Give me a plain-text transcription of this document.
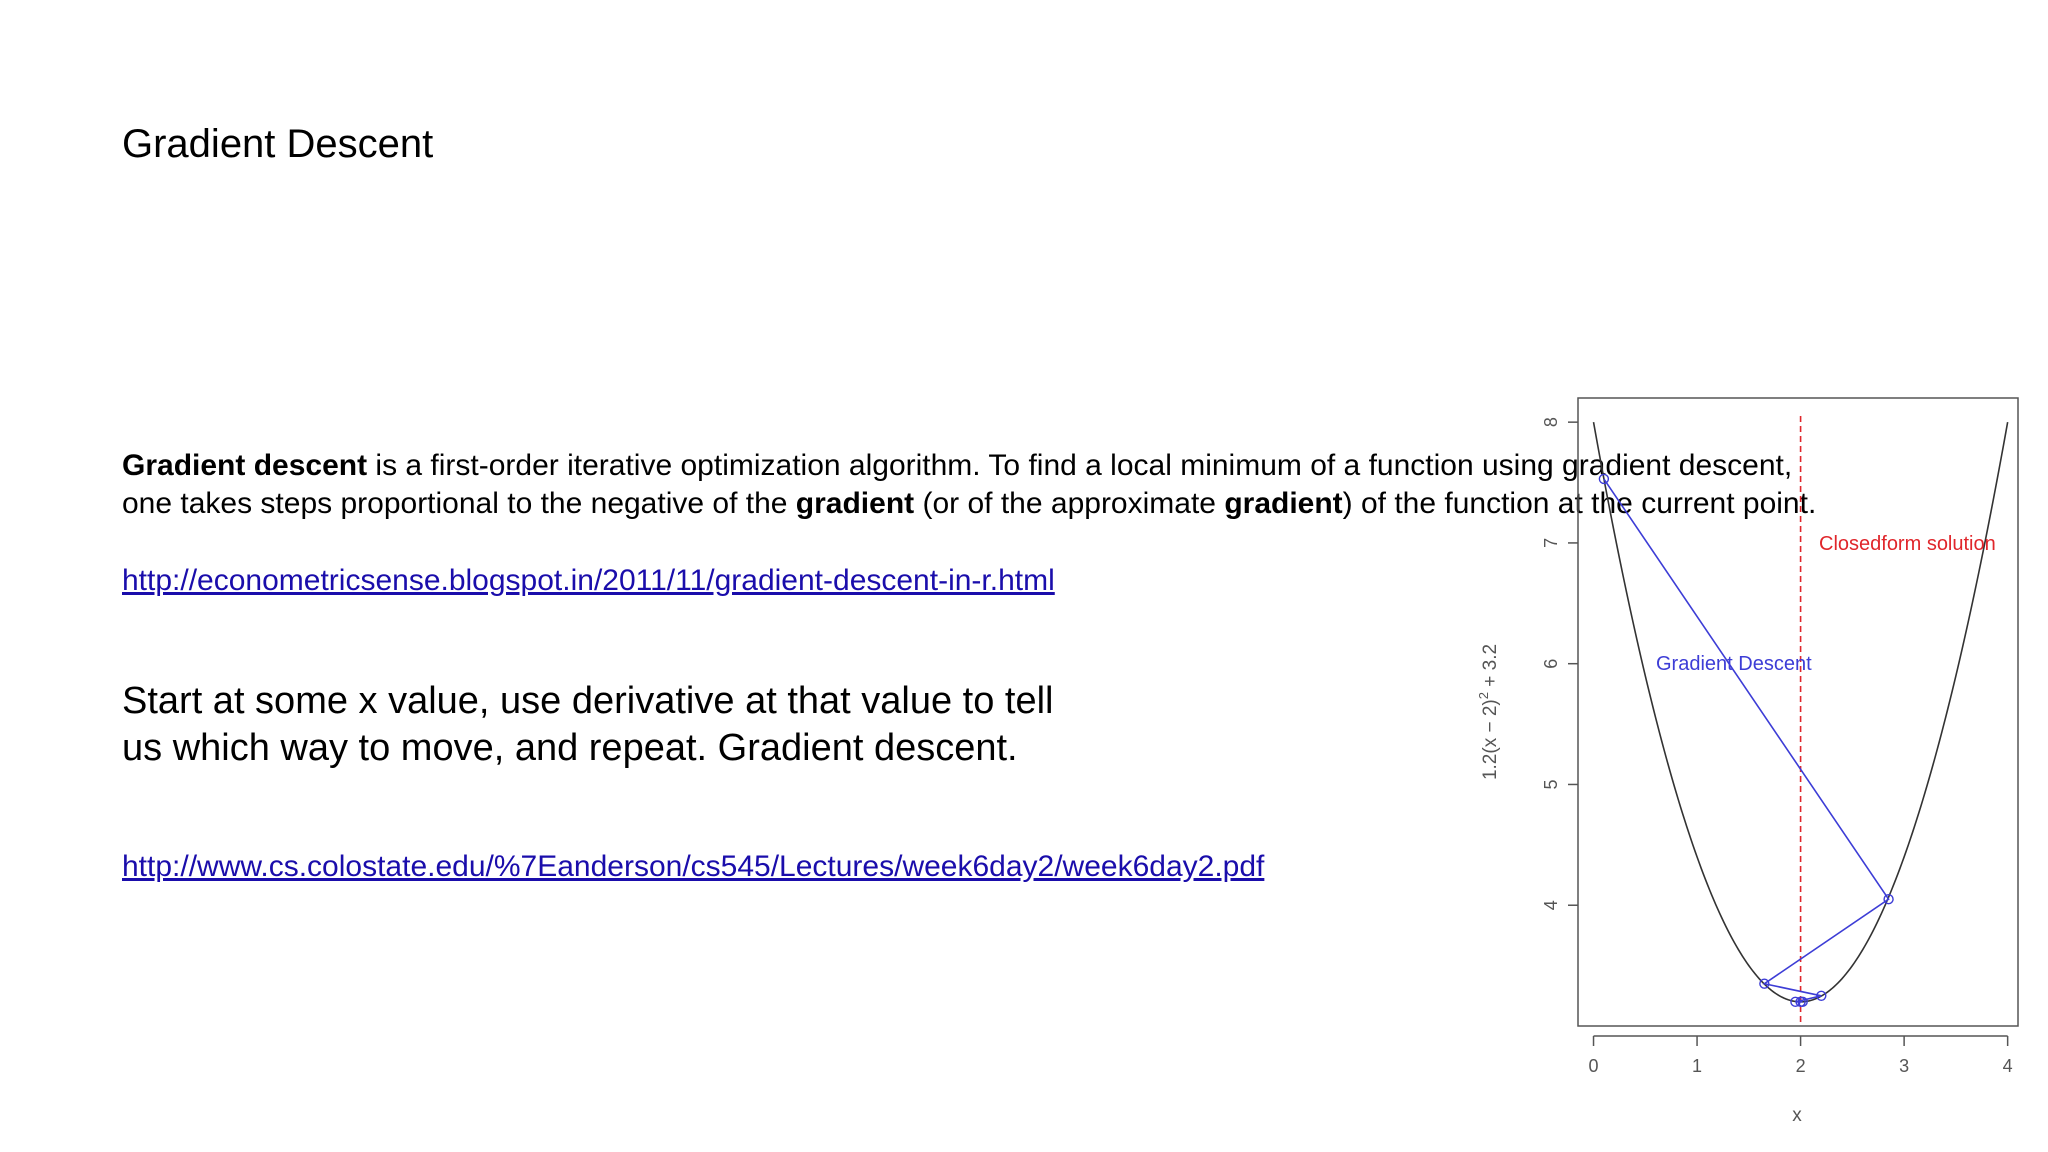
Gradient Descent
Gradient descent is a first-order iterative optimization algorithm. To find a local minimum of a function using gradient descent,
one takes steps proportional to the negative of the gradient (or of the approximate gradient) of the function at the current point.
http://econometricsense.blogspot.in/2011/11/gradient-descent-in-r.html
Start at some x value, use derivative at that value to tell
us which way to move, and repeat. Gradient descent.
http://www.cs.colostate.edu/%7Eanderson/cs545/Lectures/week6day2/week6day2.pdf
4
5
6
7
8
0	1	2	3	4
$1.2(x - 2)^2 + 3.2$
x
Closedform solution
Gradient Descent
